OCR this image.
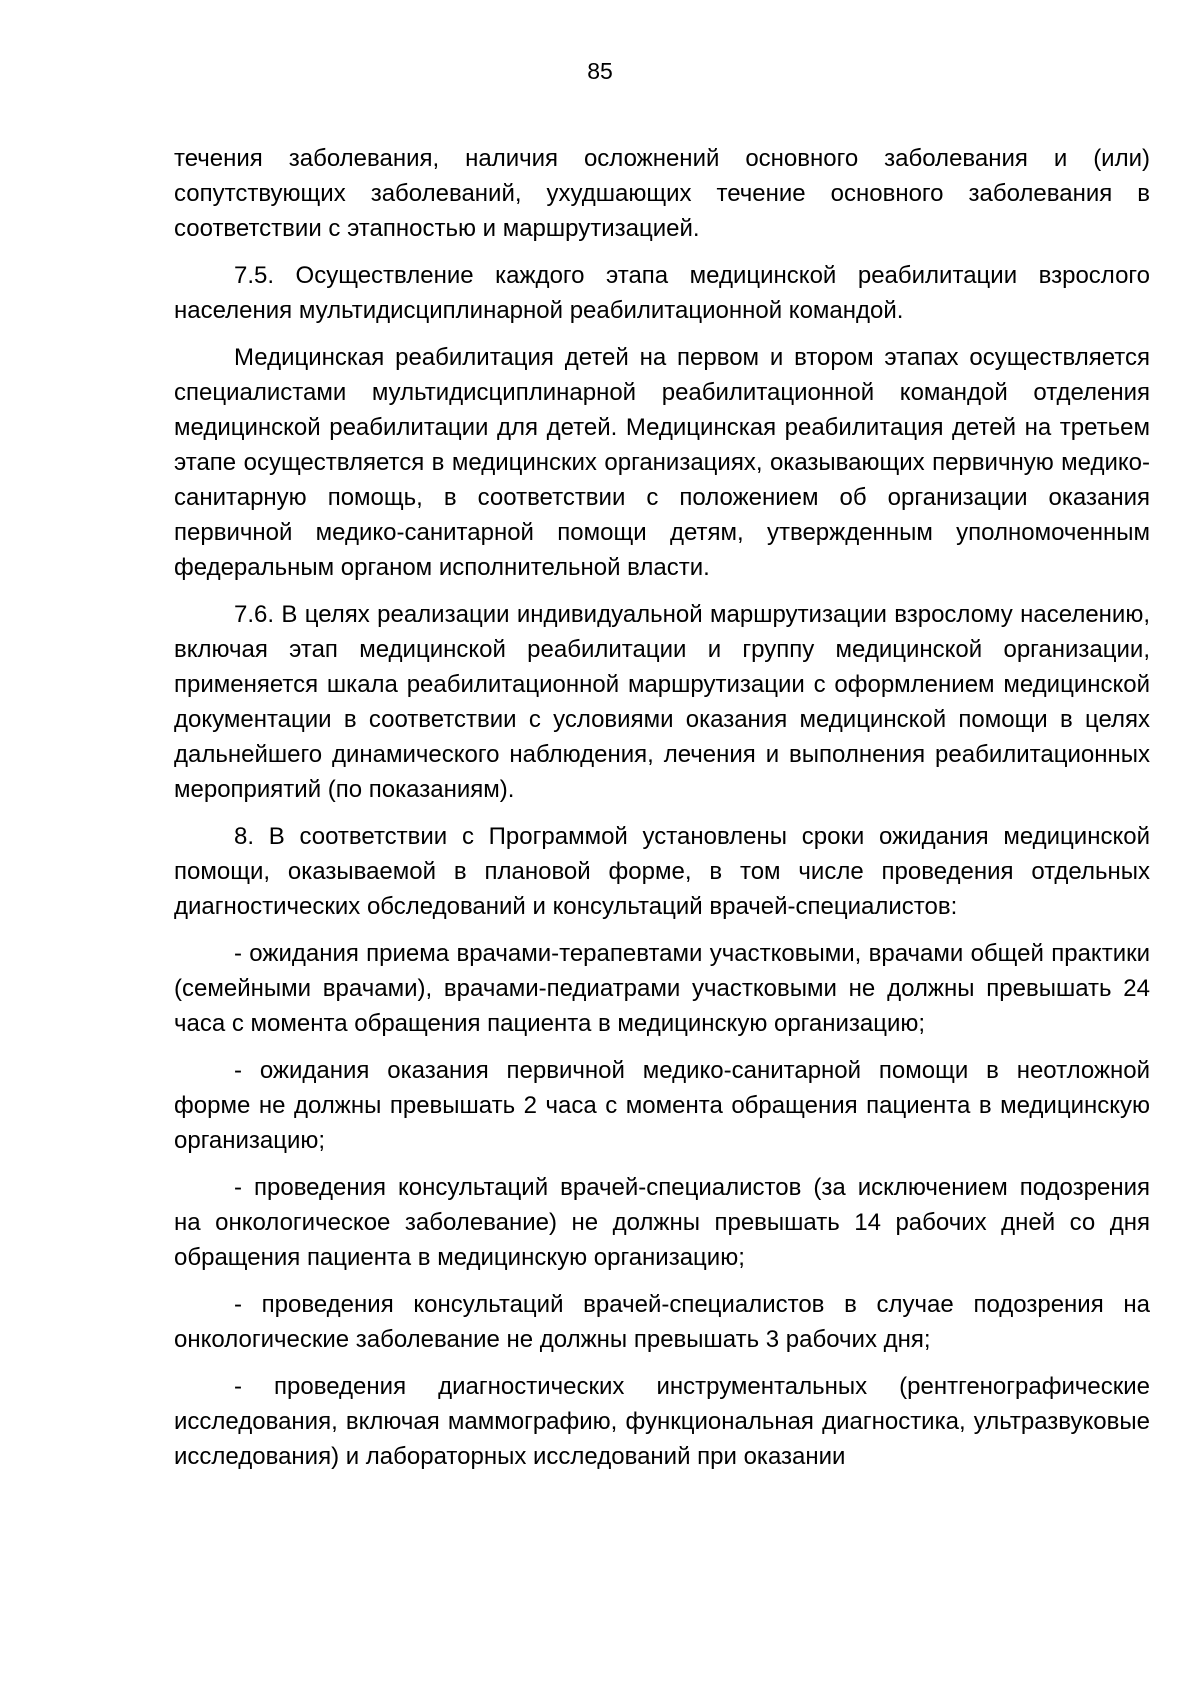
85

течения заболевания, наличия осложнений основного заболевания и (или) сопутствующих заболеваний, ухудшающих течение основного заболевания в соответствии с этапностью и маршрутизацией.

7.5. Осуществление каждого этапа медицинской реабилитации взрослого населения мультидисциплинарной реабилитационной командой.

Медицинская реабилитация детей на первом и втором этапах осуществляется специалистами мультидисциплинарной реабилитационной командой отделения медицинской реабилитации для детей. Медицинская реабилитация детей на третьем этапе осуществляется в медицинских организациях, оказывающих первичную медико-санитарную помощь, в соответствии с положением об организации оказания первичной медико-санитарной помощи детям, утвержденным уполномоченным федеральным органом исполнительной власти.

7.6. В целях реализации индивидуальной маршрутизации взрослому населению, включая этап медицинской реабилитации и группу медицинской организации, применяется шкала реабилитационной маршрутизации с оформлением медицинской документации в соответствии с условиями оказания медицинской помощи в целях дальнейшего динамического наблюдения, лечения и выполнения реабилитационных мероприятий (по показаниям).

8. В соответствии с Программой установлены сроки ожидания медицинской помощи, оказываемой в плановой форме, в том числе проведения отдельных диагностических обследований и консультаций врачей-специалистов:

- ожидания приема врачами-терапевтами участковыми, врачами общей практики (семейными врачами), врачами-педиатрами участковыми не должны превышать 24 часа с момента обращения пациента в медицинскую организацию;

- ожидания оказания первичной медико-санитарной помощи в неотложной форме не должны превышать 2 часа с момента обращения пациента в медицинскую организацию;

- проведения консультаций врачей-специалистов (за исключением подозрения на онкологическое заболевание) не должны превышать 14 рабочих дней со дня обращения пациента в медицинскую организацию;

- проведения консультаций врачей-специалистов в случае подозрения на онкологические заболевание не должны превышать 3 рабочих дня;

- проведения диагностических инструментальных (рентгенографические исследования, включая маммографию, функциональная диагностика, ультразвуковые исследования) и лабораторных исследований при оказании
